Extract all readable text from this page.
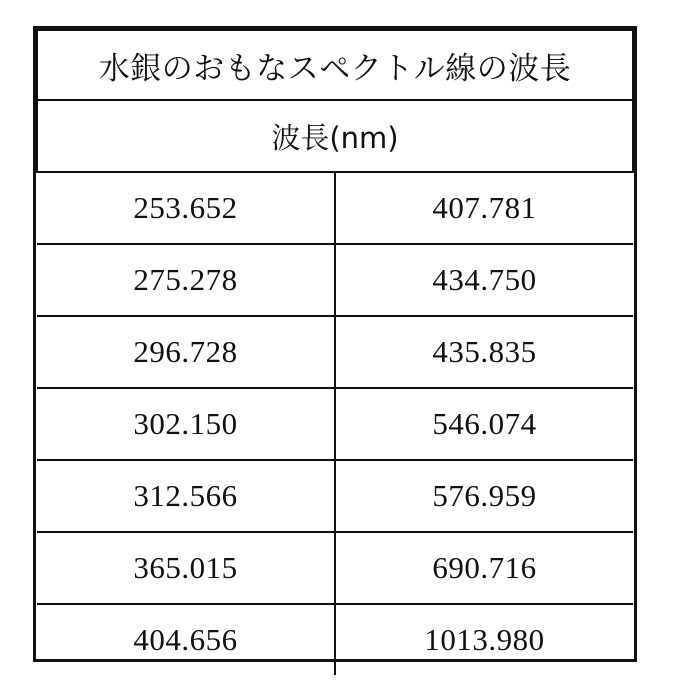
水銀のおもなスペクトル線の波長	
波長(nm)	
253.652	407.781
275.278	434.750
296.728	435.835
302.150	546.074
312.566	576.959
365.015	690.716
404.656	1013.980
